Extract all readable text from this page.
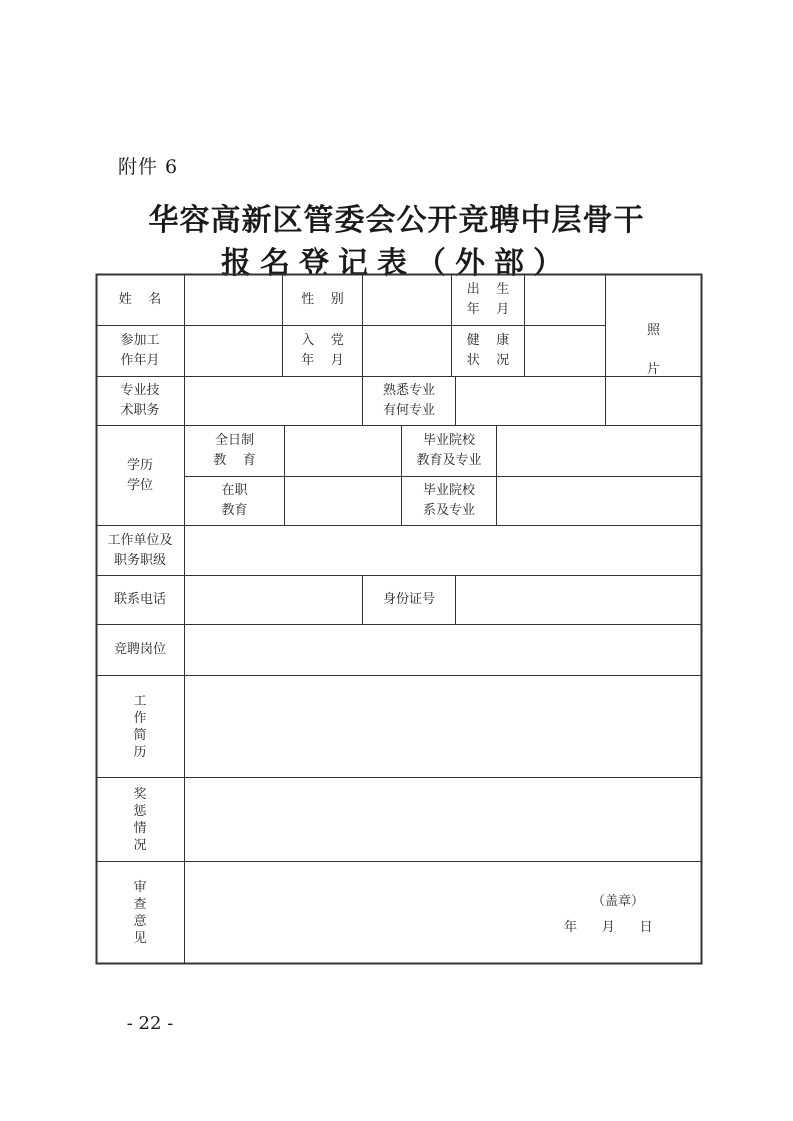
附件 6
华容高新区管委会公开竞聘中层骨干
报名登记表（外部）
姓    名	性    别
出    生
年    月
照
片
参加工
作年月
入    党
年    月
健    康
状    况
专业技
术职务
熟悉专业
有何专业
学历
学位
全日制
教    育
毕业院校
教育及专业
在职
教育
毕业院校
系及专业
工作单位及
职务职级
联系电话	身份证号
竞聘岗位
工
作
简
历
奖
惩
情
况
审
查
意
见
（盖章）
年      月      日
- 22 -
